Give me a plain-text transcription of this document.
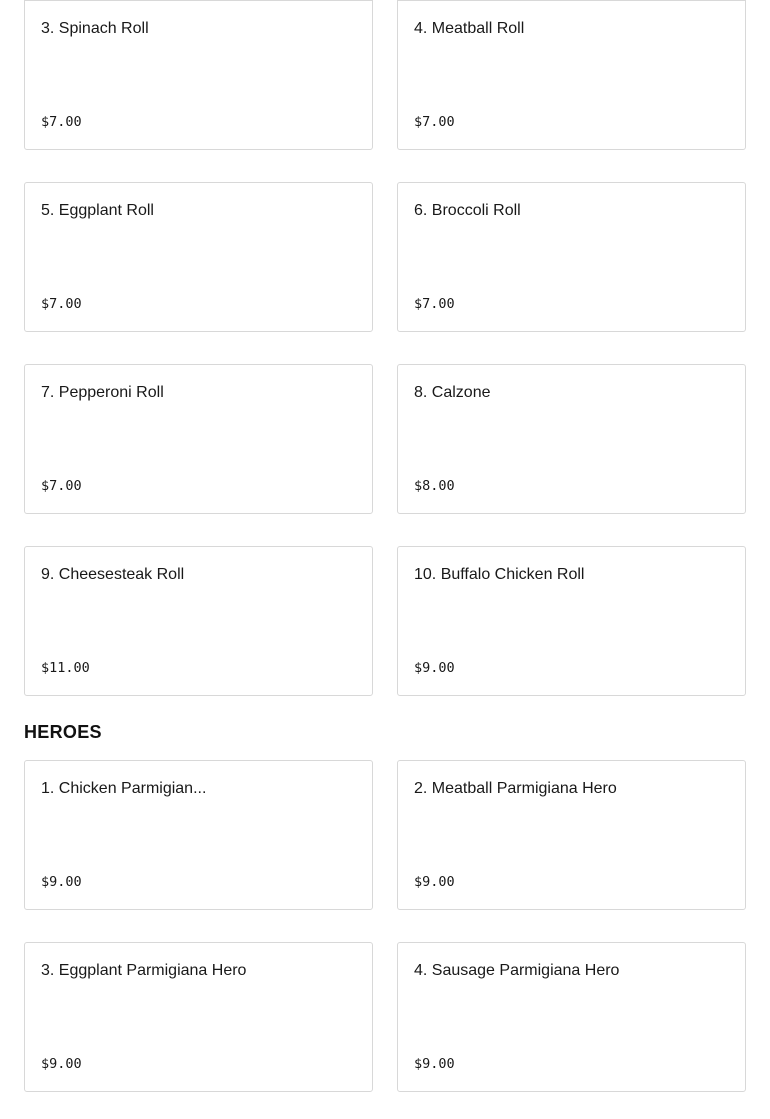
3. Spinach Roll
$7.00
4. Meatball Roll
$7.00
5. Eggplant Roll
$7.00
6. Broccoli Roll
$7.00
7. Pepperoni Roll
$7.00
8. Calzone
$8.00
9. Cheesesteak Roll
$11.00
10. Buffalo Chicken Roll
$9.00
HEROES
1. Chicken Parmigian...
$9.00
2. Meatball Parmigiana Hero
$9.00
3. Eggplant Parmigiana Hero
$9.00
4. Sausage Parmigiana Hero
$9.00
